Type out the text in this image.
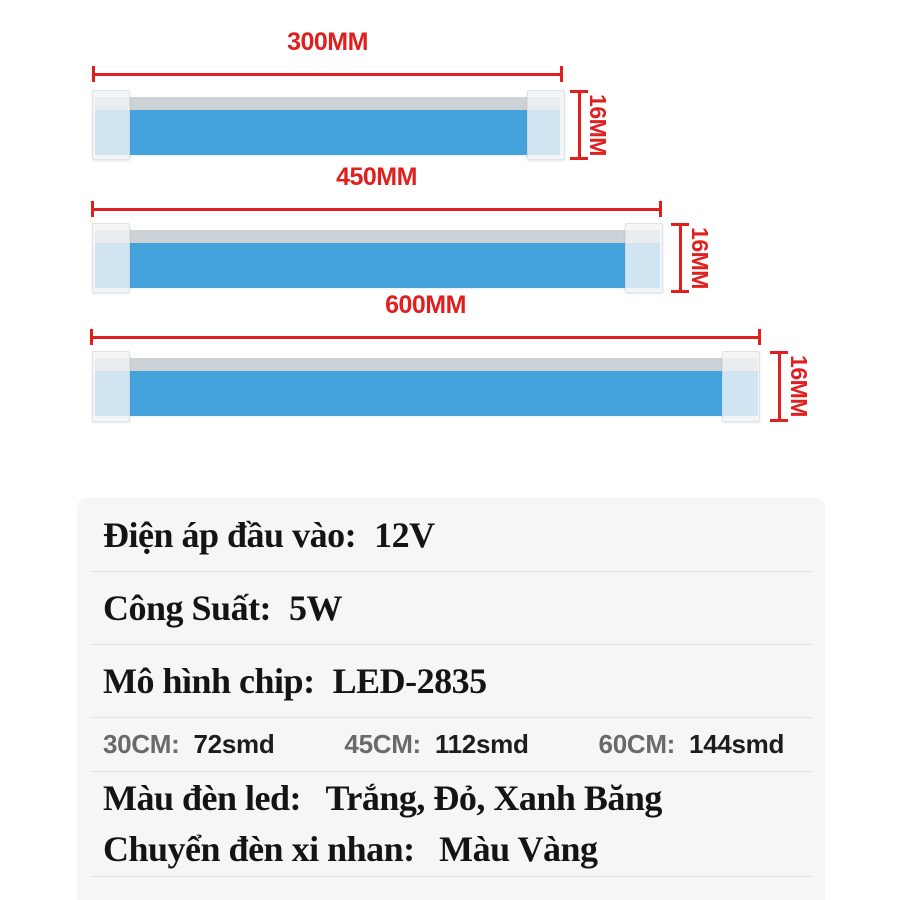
300MM
16MM
450MM
16MM
600MM
16MM
Điện áp đầu vào: 12V
Công Suất: 5W
Mô hình chip: LED-2835
30CM: 72smd	45CM: 112smd	60CM: 144smd
Màu đèn led: Trắng, Đỏ, Xanh Băng
Chuyển đèn xi nhan: Màu Vàng
